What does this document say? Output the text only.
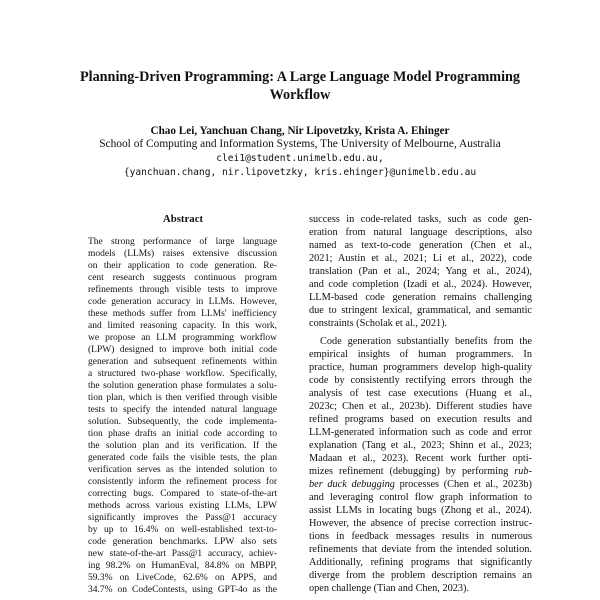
Planning-Driven Programming: A Large Language Model Programming
Workflow

Chao Lei, Yanchuan Chang, Nir Lipovetzky, Krista A. Ehinger

School of Computing and Information Systems, The University of Melbourne, Australia

clei1@student.unimelb.edu.au,

{yanchuan.chang, nir.lipovetzky, kris.ehinger}@unimelb.edu.au

Abstract

The strong performance of large language

models (LLMs) raises extensive discussion

on their application to code generation. Re-

cent research suggests continuous program

refinements through visible tests to improve

code generation accuracy in LLMs. However,

these methods suffer from LLMs' inefficiency

and limited reasoning capacity. In this work,

we propose an LLM programming workflow

(LPW) designed to improve both initial code

generation and subsequent refinements within

a structured two-phase workflow. Specifically,

the solution generation phase formulates a solu-

tion plan, which is then verified through visible

tests to specify the intended natural language

solution. Subsequently, the code implementa-

tion phase drafts an initial code according to

the solution plan and its verification. If the

generated code fails the visible tests, the plan

verification serves as the intended solution to

consistently inform the refinement process for

correcting bugs. Compared to state-of-the-art

methods across various existing LLMs, LPW

significantly improves the Pass@1 accuracy

by up to 16.4% on well-established text-to-

code generation benchmarks. LPW also sets

new state-of-the-art Pass@1 accuracy, achiev-

ing 98.2% on HumanEval, 84.8% on MBPP,

59.3% on LiveCode, 62.6% on APPS, and

34.7% on CodeContests, using GPT-4o as the

success in code-related tasks, such as code gen-

eration from natural language descriptions, also

named as text-to-code generation (Chen et al.,

2021; Austin et al., 2021; Li et al., 2022), code

translation (Pan et al., 2024; Yang et al., 2024),

and code completion (Izadi et al., 2024). However,

LLM-based code generation remains challenging

due to stringent lexical, grammatical, and semantic

constraints (Scholak et al., 2021).

Code generation substantially benefits from the

empirical insights of human programmers. In

practice, human programmers develop high-quality

code by consistently rectifying errors through the

analysis of test case executions (Huang et al.,

2023c; Chen et al., 2023b). Different studies have

refined programs based on execution results and

LLM-generated information such as code and error

explanation (Tang et al., 2023; Shinn et al., 2023;

Madaan et al., 2023). Recent work further opti-

mizes refinement (debugging) by performing rub-

ber duck debugging processes (Chen et al., 2023b)

and leveraging control flow graph information to

assist LLMs in locating bugs (Zhong et al., 2024).

However, the absence of precise correction instruc-

tions in feedback messages results in numerous

refinements that deviate from the intended solution.

Additionally, refining programs that significantly

diverge from the problem description remains an

open challenge (Tian and Chen, 2023).
